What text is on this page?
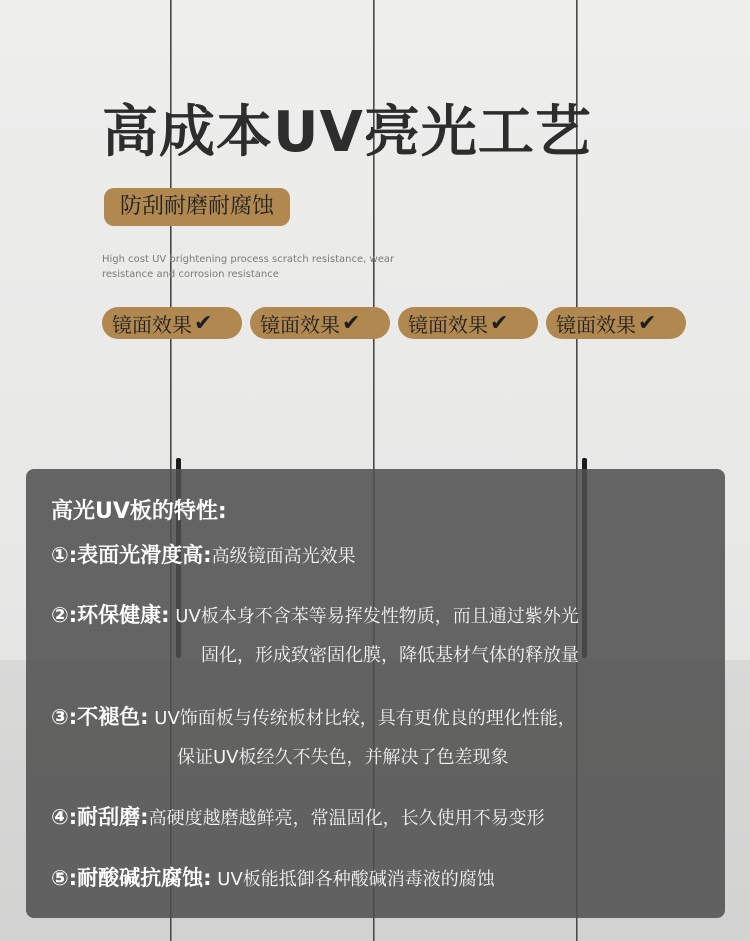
高成本UV亮光工艺
防刮耐磨耐腐蚀

High cost UV brightening process scratch resistance, wear resistance and corrosion resistance

镜面效果 ✔ 镜面效果 ✔ 镜面效果 ✔ 镜面效果 ✔
高光UV板的特性:
①:表面光滑度高:高级镜面高光效果
②:环保健康: UV板本身不含苯等易挥发性物质，而且通过紫外光
固化，形成致密固化膜，降低基材气体的释放量
③:不褪色: UV饰面板与传统板材比较，具有更优良的理化性能，
保证UV板经久不失色，并解决了色差现象
④:耐刮磨:高硬度越磨越鲜亮，常温固化，长久使用不易变形
⑤:耐酸碱抗腐蚀: UV板能抵御各种酸碱消毒液的腐蚀
